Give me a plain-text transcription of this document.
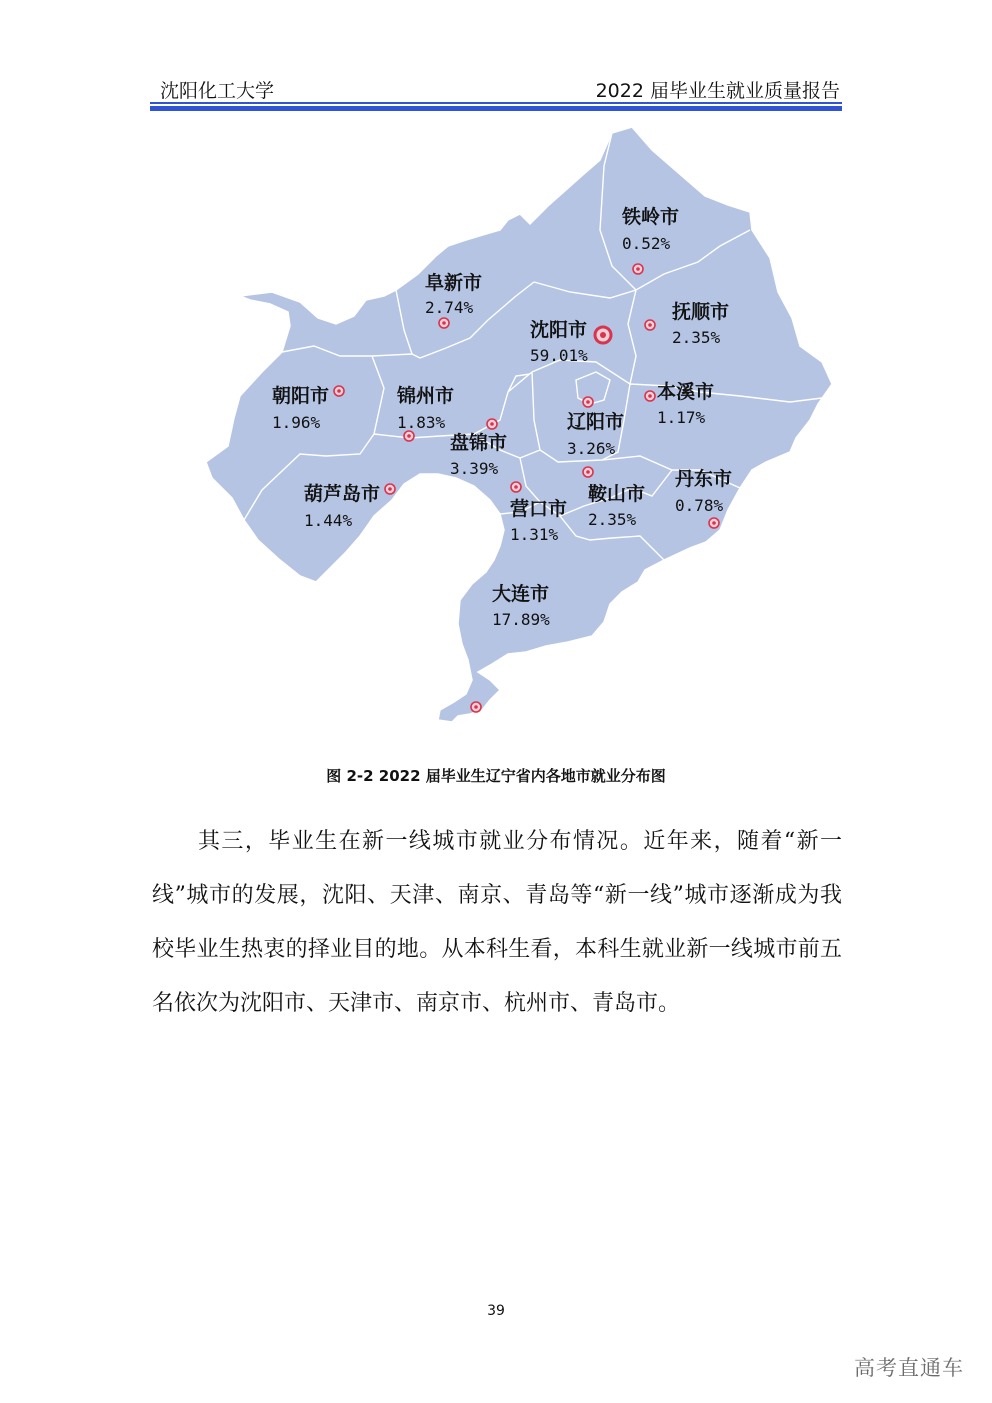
沈阳化工大学	2022 届毕业生就业质量报告
铁岭市
0.52%
阜新市
2.74%
沈阳市
59.01%
抚顺市
2.35%
朝阳市
1.96%
锦州市
1.83%
本溪市
1.17%
辽阳市
3.26%
盘锦市
3.39%	丹东市
0.78%
葫芦岛市
1.44%
鞍山市
2.35%
营口市
1.31%
大连市
17.89%
图 2-2 2022 届毕业生辽宁省内各地市就业分布图

其三，毕业生在新一线城市就业分布情况。近年来，随着“新一线”城市的发展，沈阳、天津、南京、青岛等“新一线”城市逐渐成为我校毕业生热衷的择业目的地。从本科生看，本科生就业新一线城市前五名依次为沈阳市、天津市、南京市、杭州市、青岛市。

39
高考直通车
